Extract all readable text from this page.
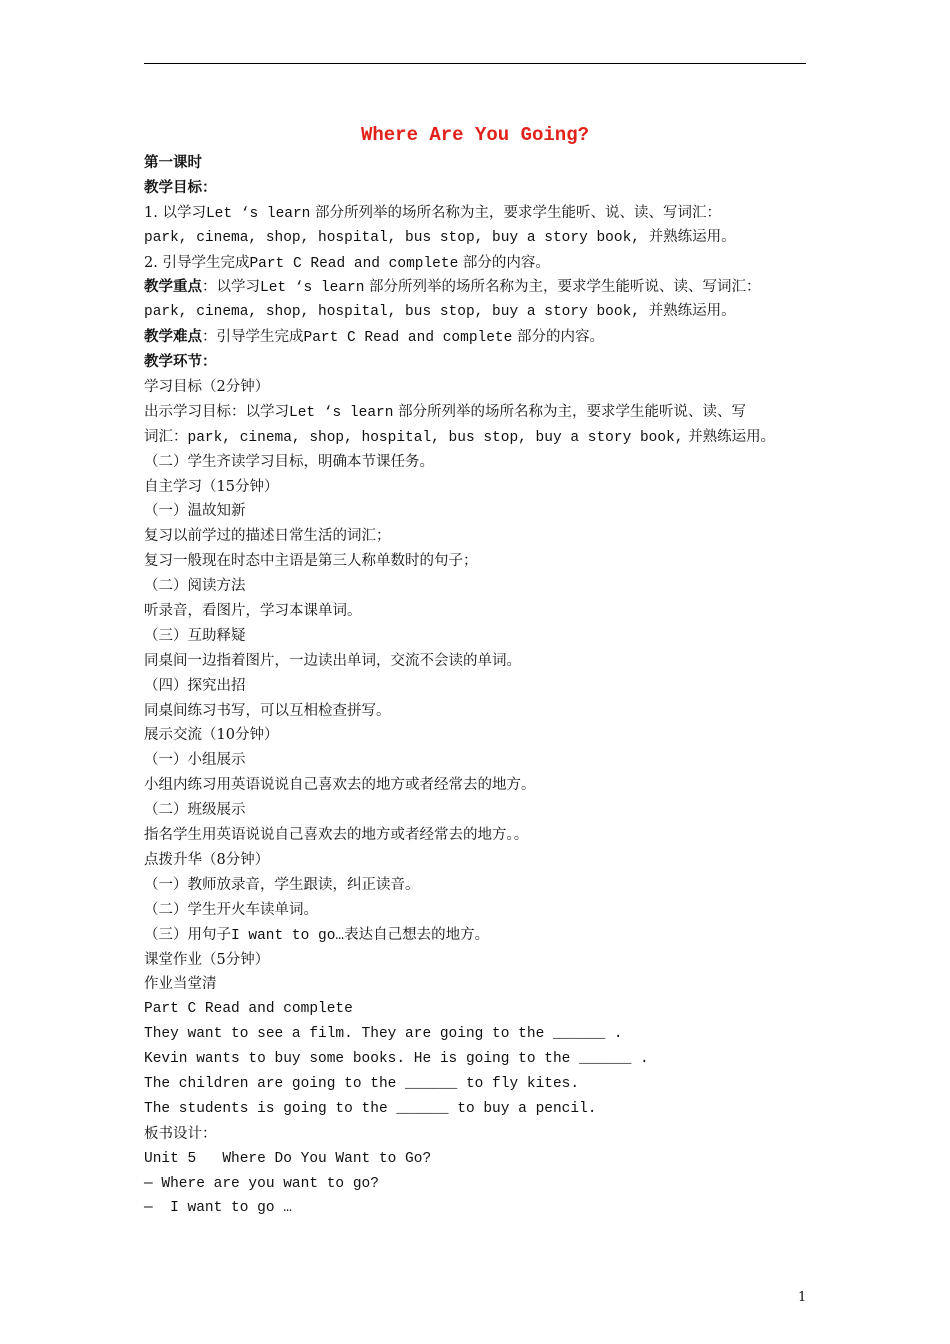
Where Are You Going?
第一课时
教学目标：
1. 以学习Let ‘s learn 部分所列举的场所名称为主，要求学生能听、说、读、写词汇：
park, cinema, shop, hospital, bus stop, buy a story book, 并熟练运用。
2. 引导学生完成Part C Read and complete 部分的内容。
教学重点：以学习Let ‘s learn 部分所列举的场所名称为主，要求学生能听说、读、写词汇：
park, cinema, shop, hospital, bus stop, buy a story book, 并熟练运用。
教学难点：引导学生完成Part C Read and complete 部分的内容。
教学环节：
学习目标（2分钟）
出示学习目标：以学习Let ‘s learn 部分所列举的场所名称为主，要求学生能听说、读、写
词汇：park, cinema, shop, hospital, bus stop, buy a story book, 并熟练运用。
（二）学生齐读学习目标，明确本节课任务。
自主学习（15分钟）
（一）温故知新
复习以前学过的描述日常生活的词汇；
复习一般现在时态中主语是第三人称单数时的句子；
（二）阅读方法
听录音，看图片，学习本课单词。
（三）互助释疑
同桌间一边指着图片，一边读出单词，交流不会读的单词。
（四）探究出招
同桌间练习书写，可以互相检查拼写。
展示交流（10分钟）
（一）小组展示
小组内练习用英语说说自己喜欢去的地方或者经常去的地方。
（二）班级展示
指名学生用英语说说自己喜欢去的地方或者经常去的地方。。
点拨升华（8分钟）
（一）教师放录音，学生跟读，纠正读音。
（二）学生开火车读单词。
（三）用句子I want to go…表达自己想去的地方。
课堂作业（5分钟）
作业当堂清
Part C Read and complete
They want to see a film. They are going to the ______ .
Kevin wants to buy some books. He is going to the ______ .
The children are going to the ______ to fly kites.
The students is going to the ______ to buy a pencil.
板书设计：
Unit 5   Where Do You Want to Go?
— Where are you want to go?
—  I want to go …
1
